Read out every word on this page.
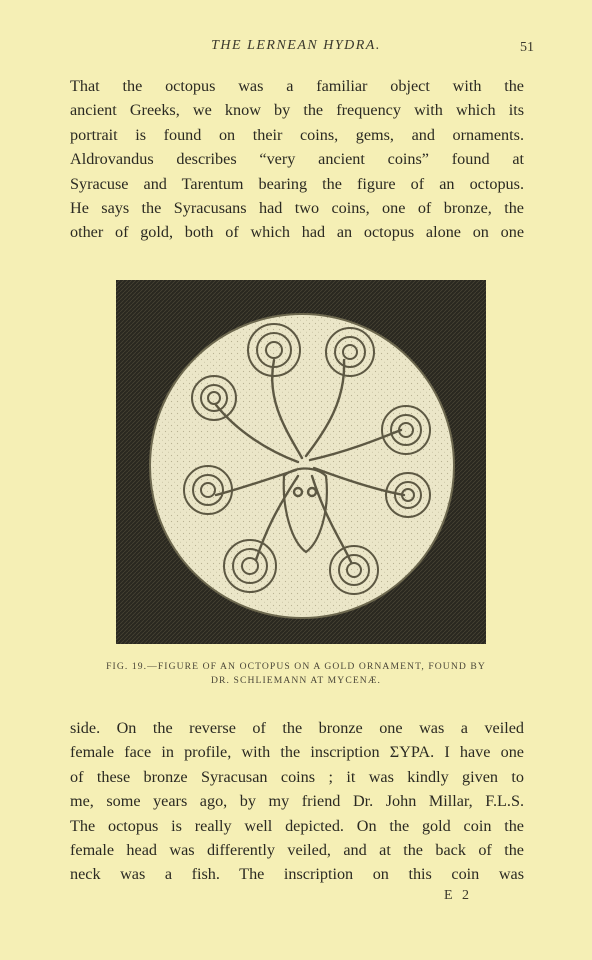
THE LERNEAN HYDRA.	51

That the octopus was a familiar object with the
ancient Greeks, we know by the frequency with which its
portrait is found on their coins, gems, and ornaments.
Aldrovandus describes “very ancient coins” found at
Syracuse and Tarentum bearing the figure of an octopus.
He says the Syracusans had two coins, one of bronze, the
other of gold, both of which had an octopus alone on one

FIG. 19.—FIGURE OF AN OCTOPUS ON A GOLD ORNAMENT, FOUND BY
DR. SCHLIEMANN AT MYCENÆ.

side. On the reverse of the bronze one was a veiled
female face in profile, with the inscription ΣΥΡΑ. I have one
of these bronze Syracusan coins ; it was kindly given to
me, some years ago, by my friend Dr. John Millar, F.L.S.
The octopus is really well depicted. On the gold coin the
female head was differently veiled, and at the back of the
neck was a fish. The inscription on this coin was

E 2
